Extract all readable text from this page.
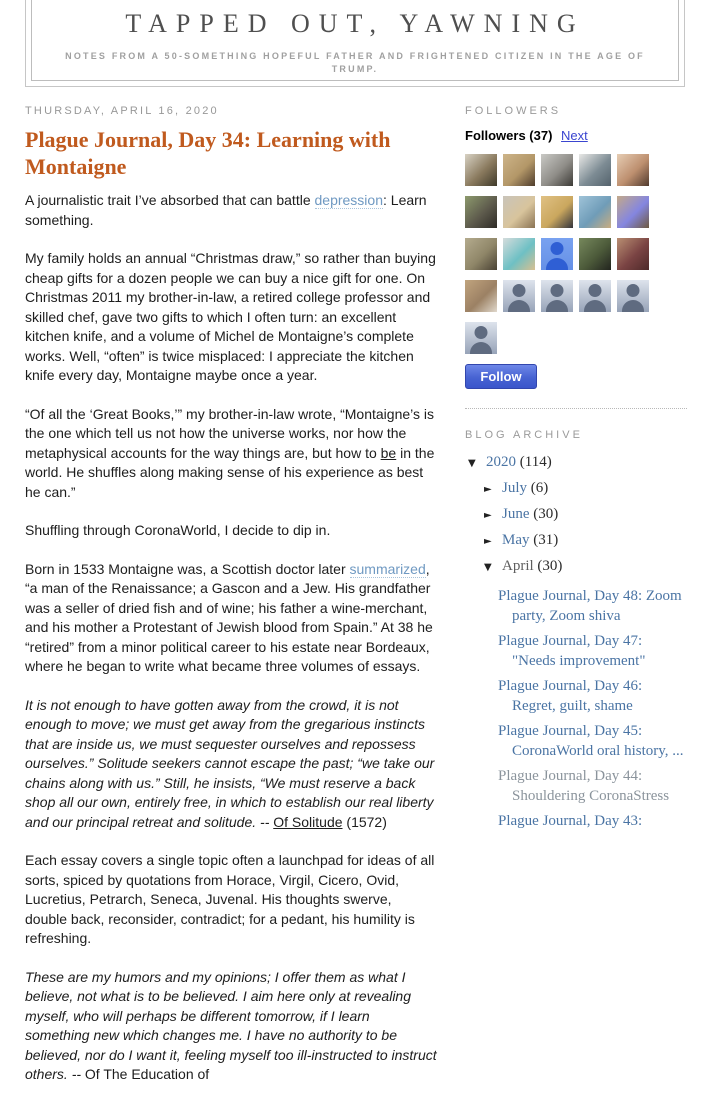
TAPPED OUT, YAWNING
NOTES FROM A 50-SOMETHING HOPEFUL FATHER AND FRIGHTENED CITIZEN IN THE AGE OF TRUMP.
THURSDAY, APRIL 16, 2020
Plague Journal, Day 34: Learning with Montaigne

A journalistic trait I’ve absorbed that can battle depression: Learn something.

My family holds an annual “Christmas draw,” so rather than buying cheap gifts for a dozen people we can buy a nice gift for one. On Christmas 2011 my brother-in-law, a retired college professor and skilled chef, gave two gifts to which I often turn: an excellent kitchen knife, and a volume of Michel de Montaigne’s complete works. Well, “often” is twice misplaced: I appreciate the kitchen knife every day, Montaigne maybe once a year.

“Of all the ‘Great Books,’” my brother-in-law wrote, “Montaigne’s is the one which tell us not how the universe works, nor how the metaphysical accounts for the way things are, but how to be in the world. He shuffles along making sense of his experience as best he can.”

Shuffling through CoronaWorld, I decide to dip in.

Born in 1533 Montaigne was, a Scottish doctor later summarized, “a man of the Renaissance; a Gascon and a Jew. His grandfather was a seller of dried fish and of wine; his father a wine-merchant, and his mother a Protestant of Jewish blood from Spain.” At 38 he “retired” from a minor political career to his estate near Bordeaux, where he began to write what became three volumes of essays.

It is not enough to have gotten away from the crowd, it is not enough to move; we must get away from the gregarious instincts that are inside us, we must sequester ourselves and repossess ourselves.” Solitude seekers cannot escape the past; “we take our chains along with us.” Still, he insists, “We must reserve a back shop all our own, entirely free, in which to establish our real liberty and our principal retreat and solitude. -- Of Solitude (1572)

Each essay covers a single topic often a launchpad for ideas of all sorts, spiced by quotations from Horace, Virgil, Cicero, Ovid, Lucretius, Petrarch, Seneca, Juvenal. His thoughts swerve, double back, reconsider, contradict; for a pedant, his humility is refreshing.

These are my humors and my opinions; I offer them as what I believe, not what is to be believed. I aim here only at revealing myself, who will perhaps be different tomorrow, if I learn something new which changes me. I have no authority to be believed, nor do I want it, feeling myself too ill-instructed to instruct others. -- Of The Education of

FOLLOWERS
Followers (37) Next
Follow
BLOG ARCHIVE
▼ 2020 (114)
► July (6)
► June (30)
► May (31)
▼ April (30)
Plague Journal, Day 48: Zoom party, Zoom shiva
Plague Journal, Day 47: "Needs improvement"
Plague Journal, Day 46: Regret, guilt, shame
Plague Journal, Day 45: CoronaWorld oral history, ...
Plague Journal, Day 44: Shouldering CoronaStress
Plague Journal, Day 43:
